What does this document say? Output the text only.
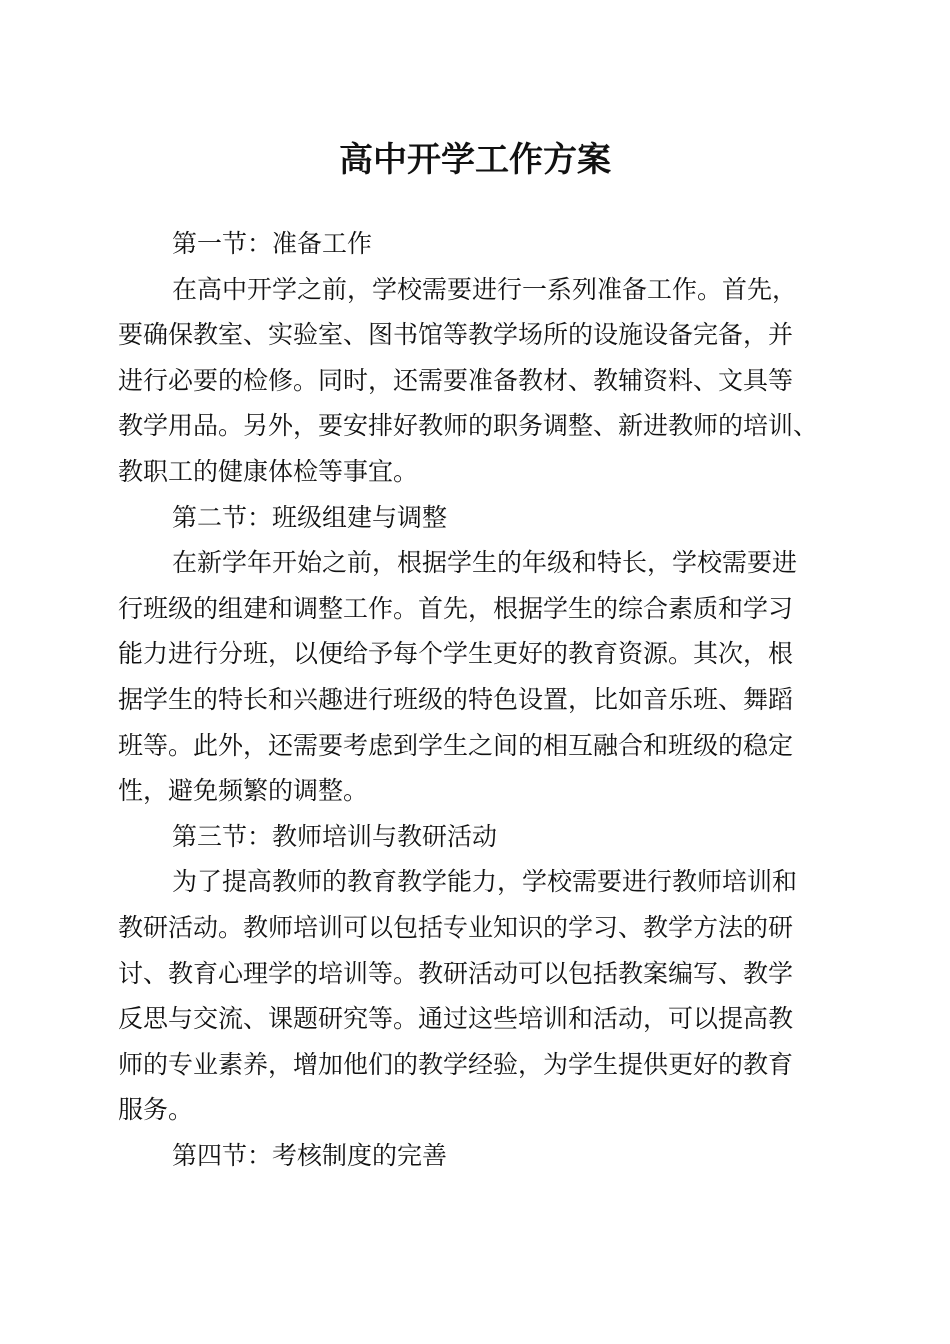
高中开学工作方案
第一节：准备工作
在高中开学之前，学校需要进行一系列准备工作。首先，
要确保教室、实验室、图书馆等教学场所的设施设备完备，并
进行必要的检修。同时，还需要准备教材、教辅资料、文具等
教学用品。另外，要安排好教师的职务调整、新进教师的培训、
教职工的健康体检等事宜。
第二节：班级组建与调整
在新学年开始之前，根据学生的年级和特长，学校需要进
行班级的组建和调整工作。首先，根据学生的综合素质和学习
能力进行分班，以便给予每个学生更好的教育资源。其次，根
据学生的特长和兴趣进行班级的特色设置，比如音乐班、舞蹈
班等。此外，还需要考虑到学生之间的相互融合和班级的稳定
性，避免频繁的调整。
第三节：教师培训与教研活动
为了提高教师的教育教学能力，学校需要进行教师培训和
教研活动。教师培训可以包括专业知识的学习、教学方法的研
讨、教育心理学的培训等。教研活动可以包括教案编写、教学
反思与交流、课题研究等。通过这些培训和活动，可以提高教
师的专业素养，增加他们的教学经验，为学生提供更好的教育
服务。
第四节：考核制度的完善
